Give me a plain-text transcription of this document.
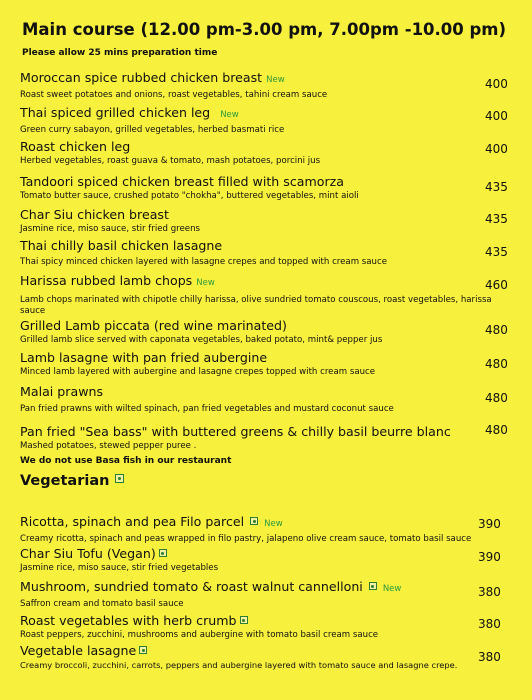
Main course (12.00 pm-3.00 pm, 7.00pm -10.00 pm)
Please allow 25 mins preparation time
Moroccan spice rubbed chicken breast New
Roast sweet potatoes and onions, roast vegetables, tahini cream sauce
400
Thai spiced grilled chicken leg New
Green curry sabayon, grilled vegetables, herbed basmati rice
400
Roast chicken leg
Herbed vegetables, roast guava & tomato, mash potatoes, porcini jus
400
Tandoori spiced chicken breast filled with scamorza
Tomato butter sauce, crushed potato "chokha", buttered vegetables, mint aioli
435
Char Siu chicken breast
Jasmine rice, miso sauce, stir fried greens
435
Thai chilly basil chicken lasagne
Thai spicy minced chicken layered with lasagne crepes and topped with cream sauce
435
Harissa rubbed lamb chops New
Lamb chops marinated with chipotle chilly harissa, olive sundried tomato couscous, roast vegetables, harissa sauce
460
Grilled Lamb piccata (red wine marinated)
Grilled lamb slice served with caponata vegetables, baked potato, mint& pepper jus
480
Lamb lasagne with pan fried aubergine
Minced lamb layered with aubergine and lasagne crepes topped with cream sauce
480
Malai prawns
Pan fried prawns with wilted spinach, pan fried vegetables and mustard coconut sauce
480
Pan fried "Sea bass" with buttered greens & chilly basil beurre blanc
Mashed potatoes, stewed pepper puree .
480
We do not use Basa fish in our restaurant
Vegetarian
Ricotta, spinach and pea Filo parcel New
Creamy ricotta, spinach and peas wrapped in filo pastry, jalapeno olive cream sauce, tomato basil sauce
390
Char Siu Tofu (Vegan)
Jasmine rice, miso sauce, stir fried vegetables
390
Mushroom, sundried tomato & roast walnut cannelloni New
Saffron cream and tomato basil sauce
380
Roast vegetables with herb crumb
Roast peppers, zucchini, mushrooms and aubergine with tomato basil cream sauce
380
Vegetable lasagne
Creamy broccoli, zucchini, carrots, peppers and aubergine layered with tomato sauce and lasagne crepe.
380
